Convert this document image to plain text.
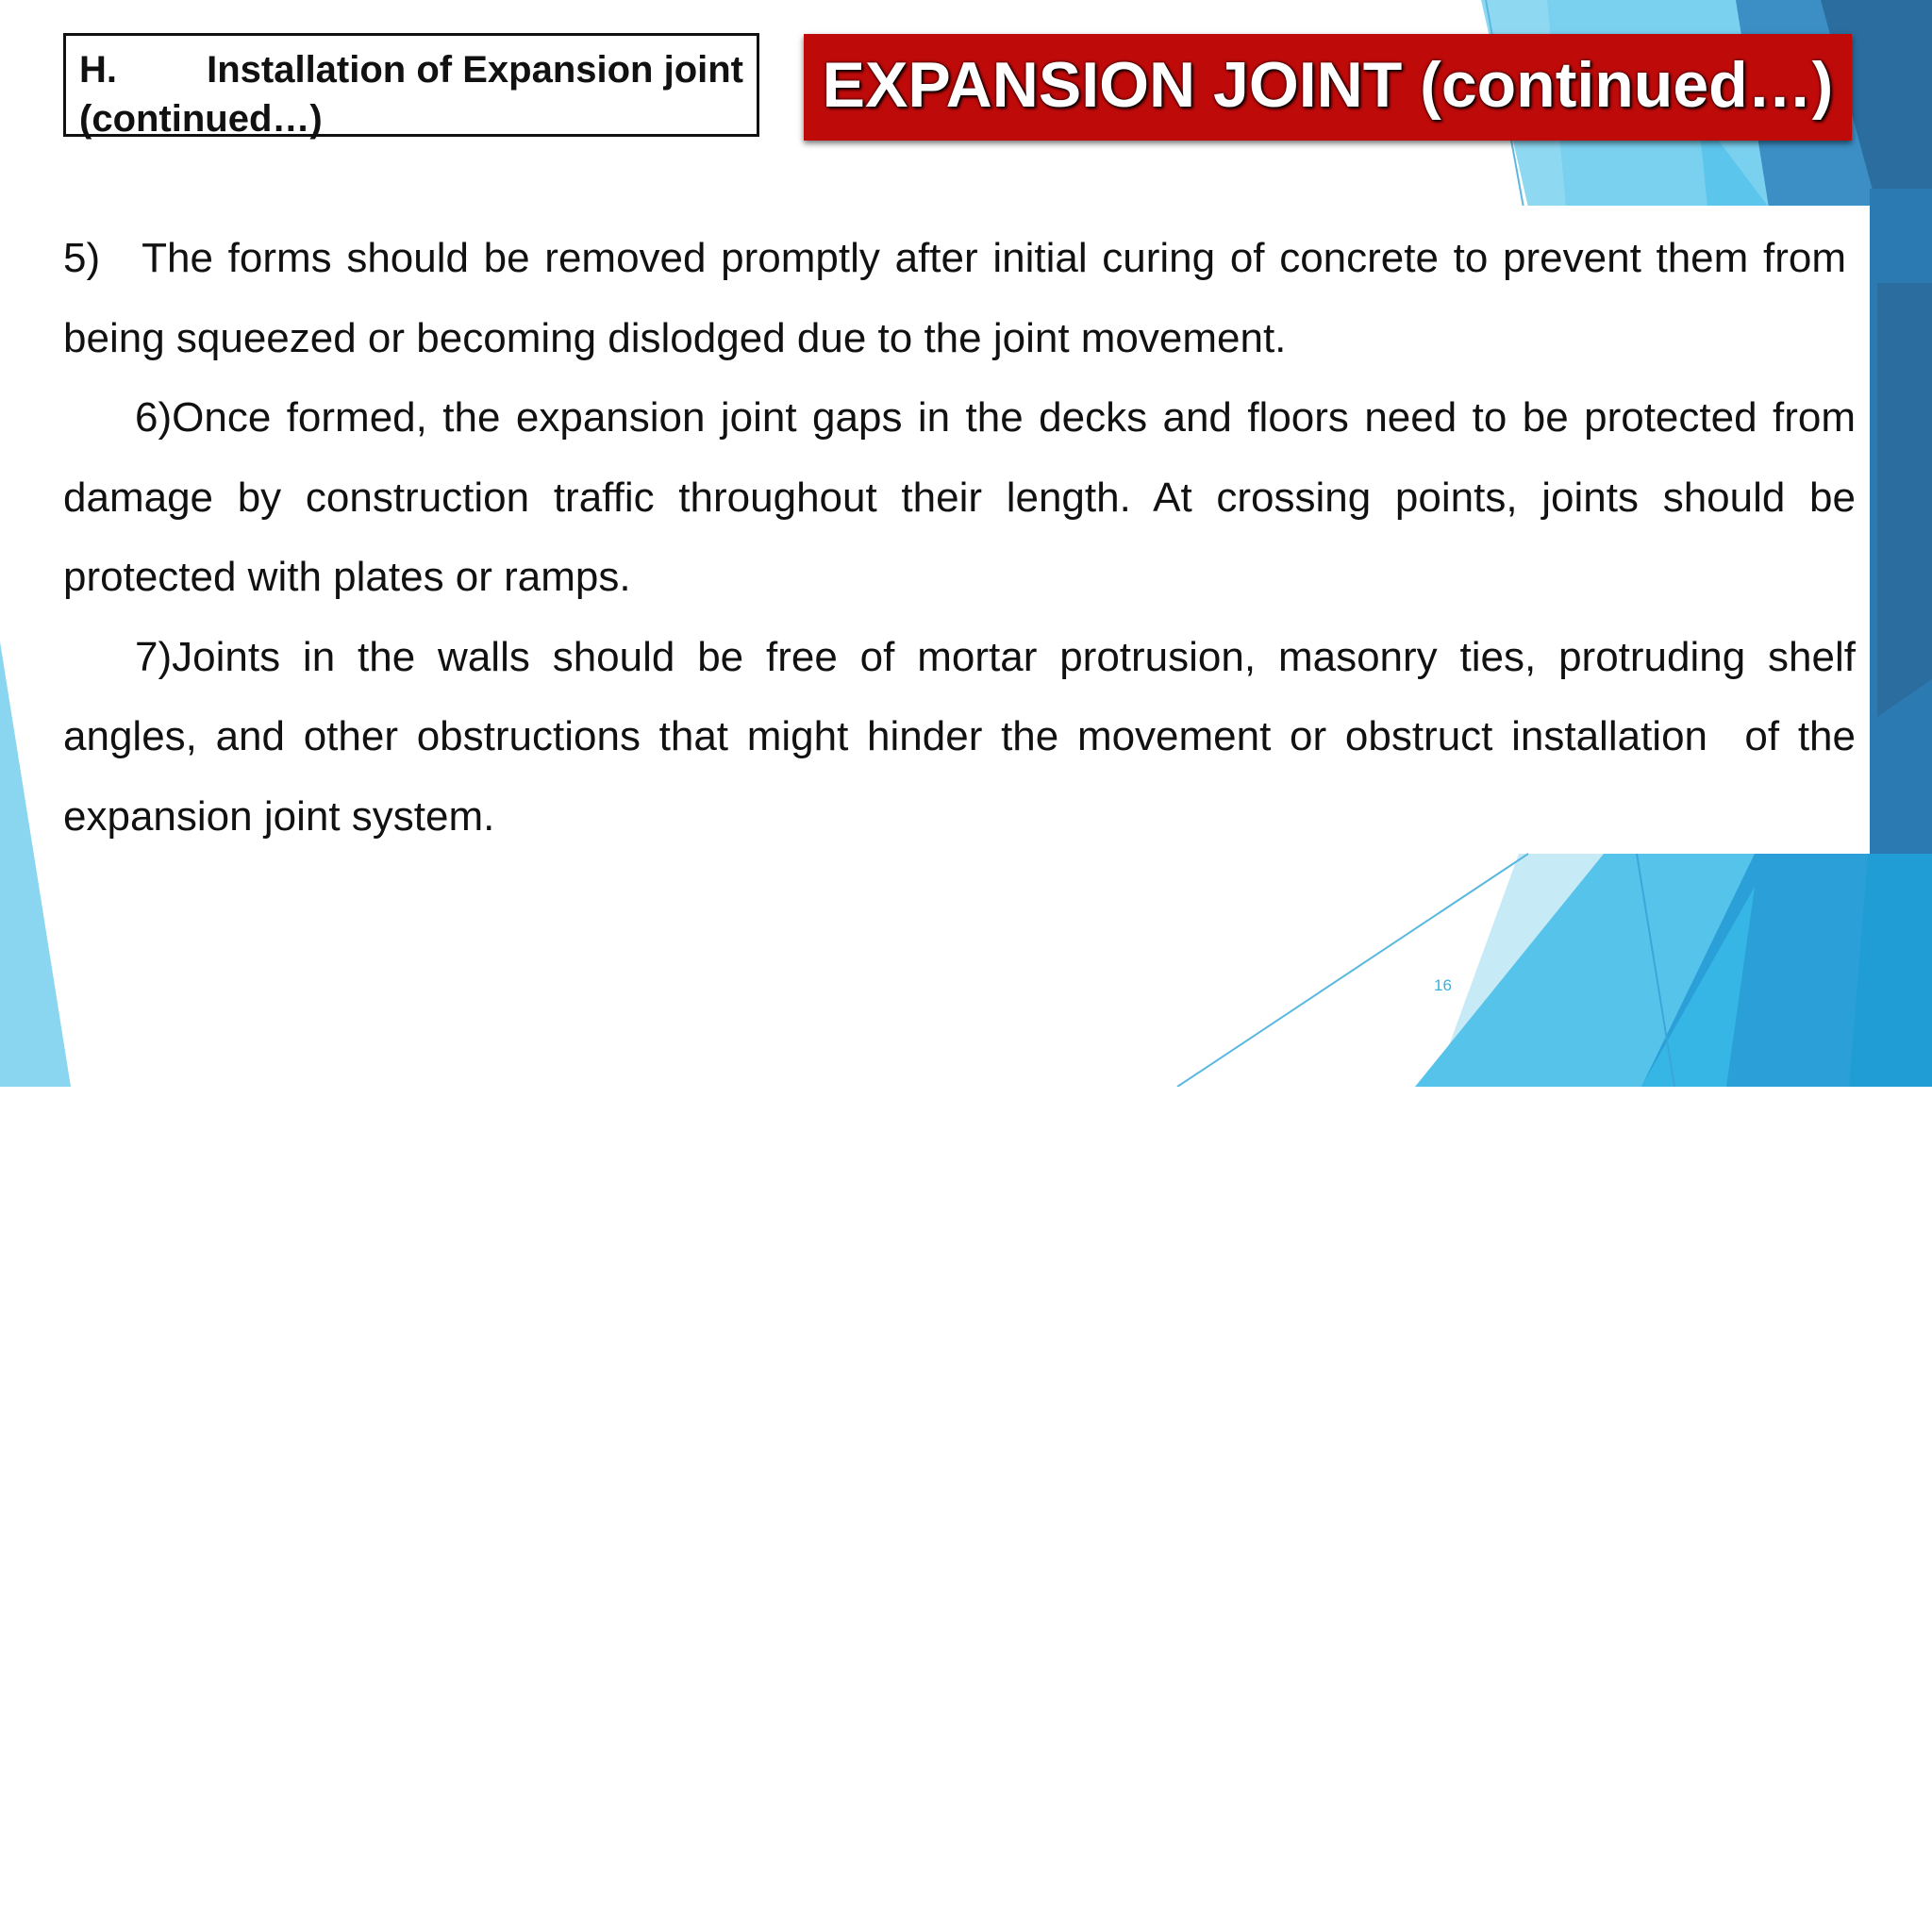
H. Installation of Expansion joint
(continued…)	EXPANSION JOINT (continued…)

5) The forms should be removed promptly after initial curing of concrete to prevent them from being squeezed or becoming dislodged due to the joint movement.

6)Once formed, the expansion joint gaps in the decks and floors need to be protected from damage by construction traffic throughout their length. At crossing points, joints should be protected with plates or ramps.

7)Joints in the walls should be free of mortar protrusion, masonry ties, protruding shelf angles, and other obstructions that might hinder the movement or obstruct installation  of the expansion joint system.

16
